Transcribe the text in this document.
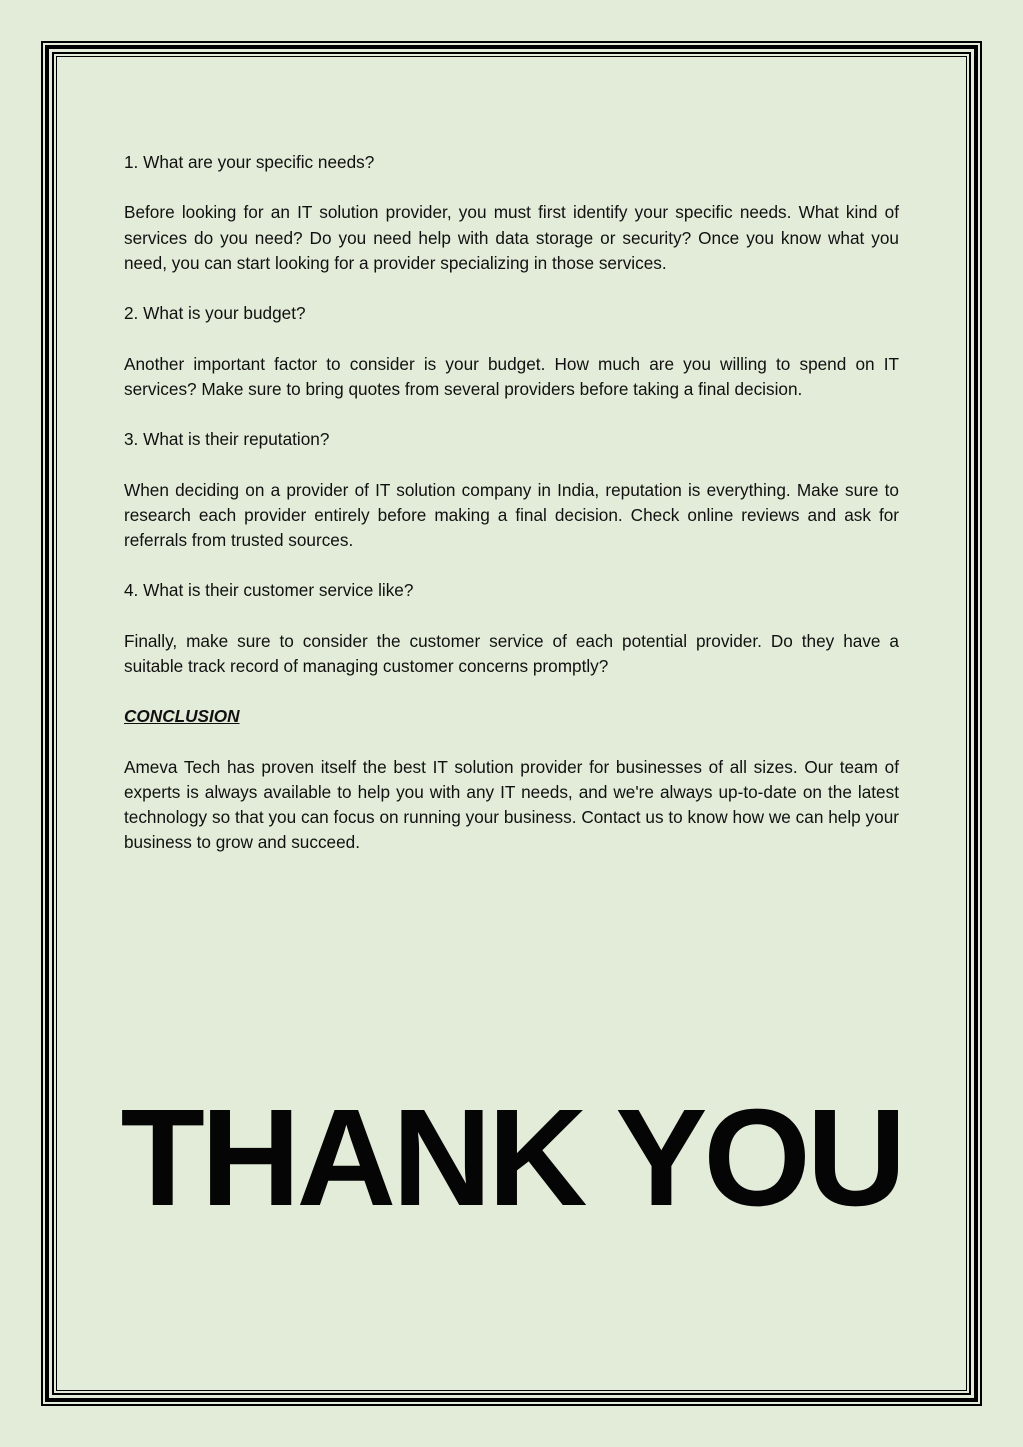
1. What are your specific needs?

Before looking for an IT solution provider, you must first identify your specific needs. What kind of services do you need? Do you need help with data storage or security? Once you know what you need, you can start looking for a provider specializing in those services.

2. What is your budget?

Another important factor to consider is your budget. How much are you willing to spend on IT services? Make sure to bring quotes from several providers before taking a final decision.

3. What is their reputation?

When deciding on a provider of IT solution company in India, reputation is everything. Make sure to research each provider entirely before making a final decision. Check online reviews and ask for referrals from trusted sources.

4. What is their customer service like?

Finally, make sure to consider the customer service of each potential provider. Do they have a suitable track record of managing customer concerns promptly?

CONCLUSION

Ameva Tech has proven itself the best IT solution provider for businesses of all sizes. Our team of experts is always available to help you with any IT needs, and we're always up-to-date on the latest technology so that you can focus on running your business. Contact us to know how we can help your business to grow and succeed.

THANK YOU
